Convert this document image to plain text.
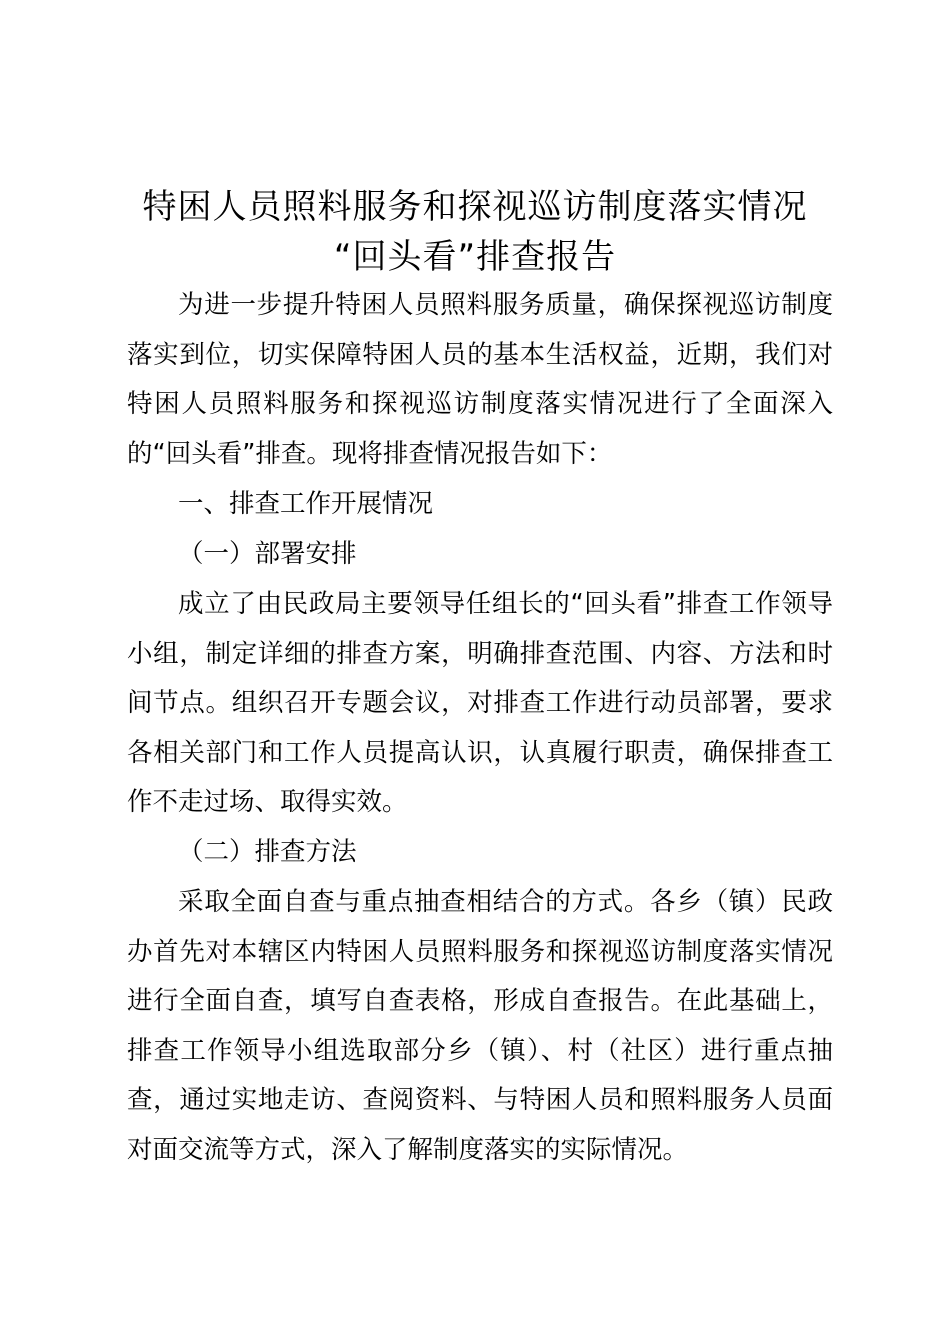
特困人员照料服务和探视巡访制度落实情况
“回头看”排查报告

为进一步提升特困人员照料服务质量，确保探视巡访制度落实到位，切实保障特困人员的基本生活权益，近期，我们对特困人员照料服务和探视巡访制度落实情况进行了全面深入的“回头看”排查。现将排查情况报告如下：

一、排查工作开展情况

（一）部署安排

成立了由民政局主要领导任组长的“回头看”排查工作领导小组，制定详细的排查方案，明确排查范围、内容、方法和时间节点。组织召开专题会议，对排查工作进行动员部署，要求各相关部门和工作人员提高认识，认真履行职责，确保排查工作不走过场、取得实效。

（二）排查方法

采取全面自查与重点抽查相结合的方式。各乡（镇）民政办首先对本辖区内特困人员照料服务和探视巡访制度落实情况进行全面自查，填写自查表格，形成自查报告。在此基础上，排查工作领导小组选取部分乡（镇）、村（社区）进行重点抽查，通过实地走访、查阅资料、与特困人员和照料服务人员面对面交流等方式，深入了解制度落实的实际情况。
